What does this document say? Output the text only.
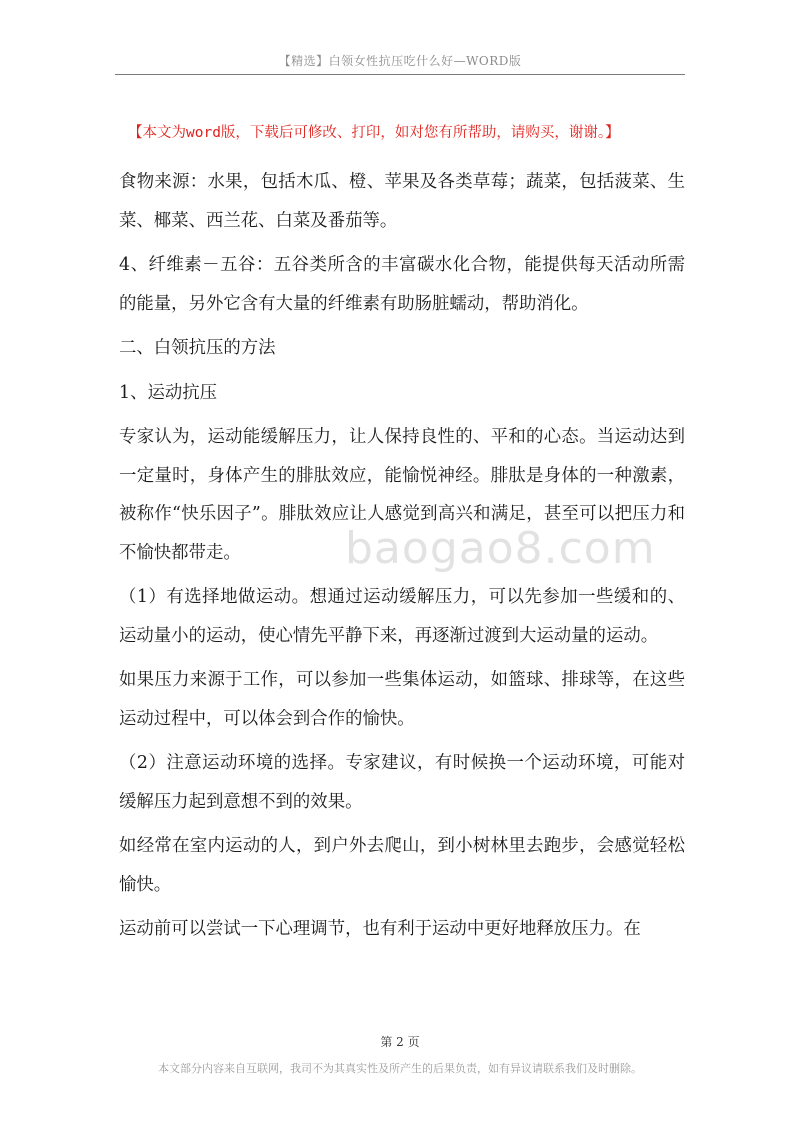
【精选】白领女性抗压吃什么好—WORD版
【本文为word版，下载后可修改、打印，如对您有所帮助，请购买，谢谢。】

食物来源：水果，包括木瓜、橙、苹果及各类草莓；蔬菜，包括菠菜、生菜、椰菜、西兰花、白菜及番茄等。

4、纤维素－五谷：五谷类所含的丰富碳水化合物，能提供每天活动所需的能量，另外它含有大量的纤维素有助肠脏蠕动，帮助消化。

二、白领抗压的方法

1、运动抗压

专家认为，运动能缓解压力，让人保持良性的、平和的心态。当运动达到一定量时，身体产生的腓肽效应，能愉悦神经。腓肽是身体的一种激素，被称作“快乐因子”。腓肽效应让人感觉到高兴和满足，甚至可以把压力和不愉快都带走。

（1）有选择地做运动。想通过运动缓解压力，可以先参加一些缓和的、运动量小的运动，使心情先平静下来，再逐渐过渡到大运动量的运动。

如果压力来源于工作，可以参加一些集体运动，如篮球、排球等，在这些运动过程中，可以体会到合作的愉快。

（2）注意运动环境的选择。专家建议，有时候换一个运动环境，可能对缓解压力起到意想不到的效果。

如经常在室内运动的人，到户外去爬山，到小树林里去跑步，会感觉轻松愉快。

运动前可以尝试一下心理调节，也有利于运动中更好地释放压力。在

baogao8.com
第 2 页
本文部分内容来自互联网，我司不为其真实性及所产生的后果负责，如有异议请联系我们及时删除。
